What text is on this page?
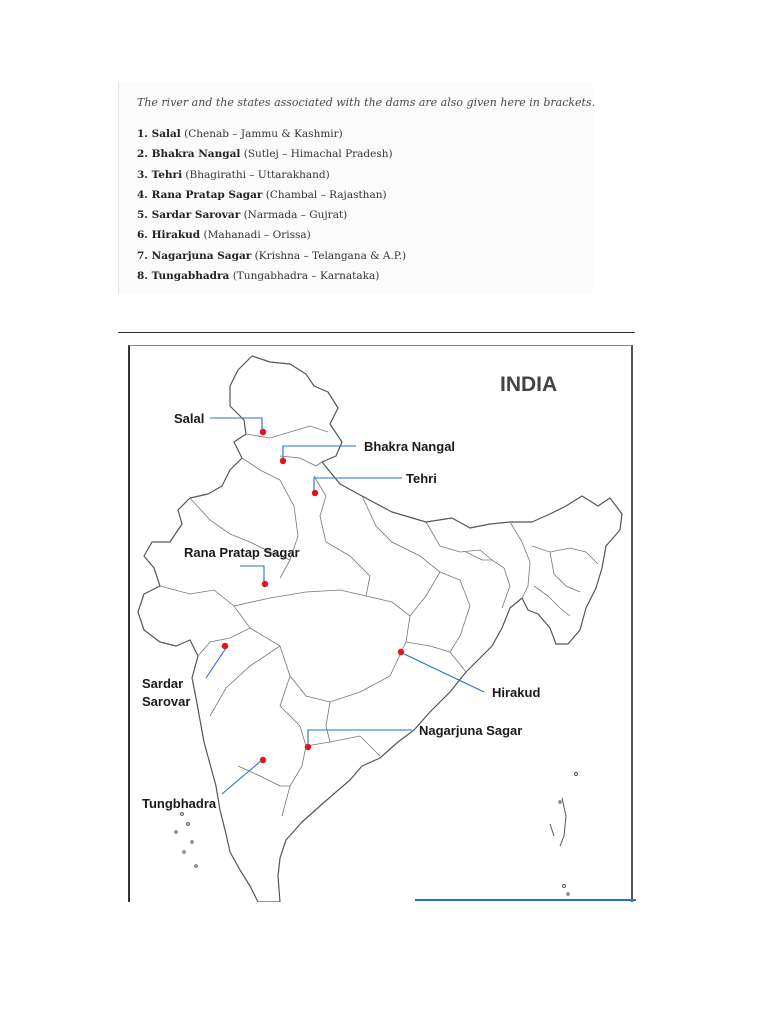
The river and the states associated with the dams are also given here in brackets.
1. Salal (Chenab – Jammu & Kashmir)
2. Bhakra Nangal (Sutlej – Himachal Pradesh)
3. Tehri (Bhagirathi – Uttarakhand)
4. Rana Pratap Sagar (Chambal – Rajasthan)
5. Sardar Sarovar (Narmada – Gujrat)
6. Hirakud (Mahanadi – Orissa)
7. Nagarjuna Sagar (Krishna – Telangana & A.P.)
8. Tungabhadra (Tungabhadra – Karnataka)
INDIA
Salal
Bhakra Nangal
Tehri
Rana Pratap Sagar
Sardar
Sarovar
Hirakud
Nagarjuna Sagar
Tungbhadra
